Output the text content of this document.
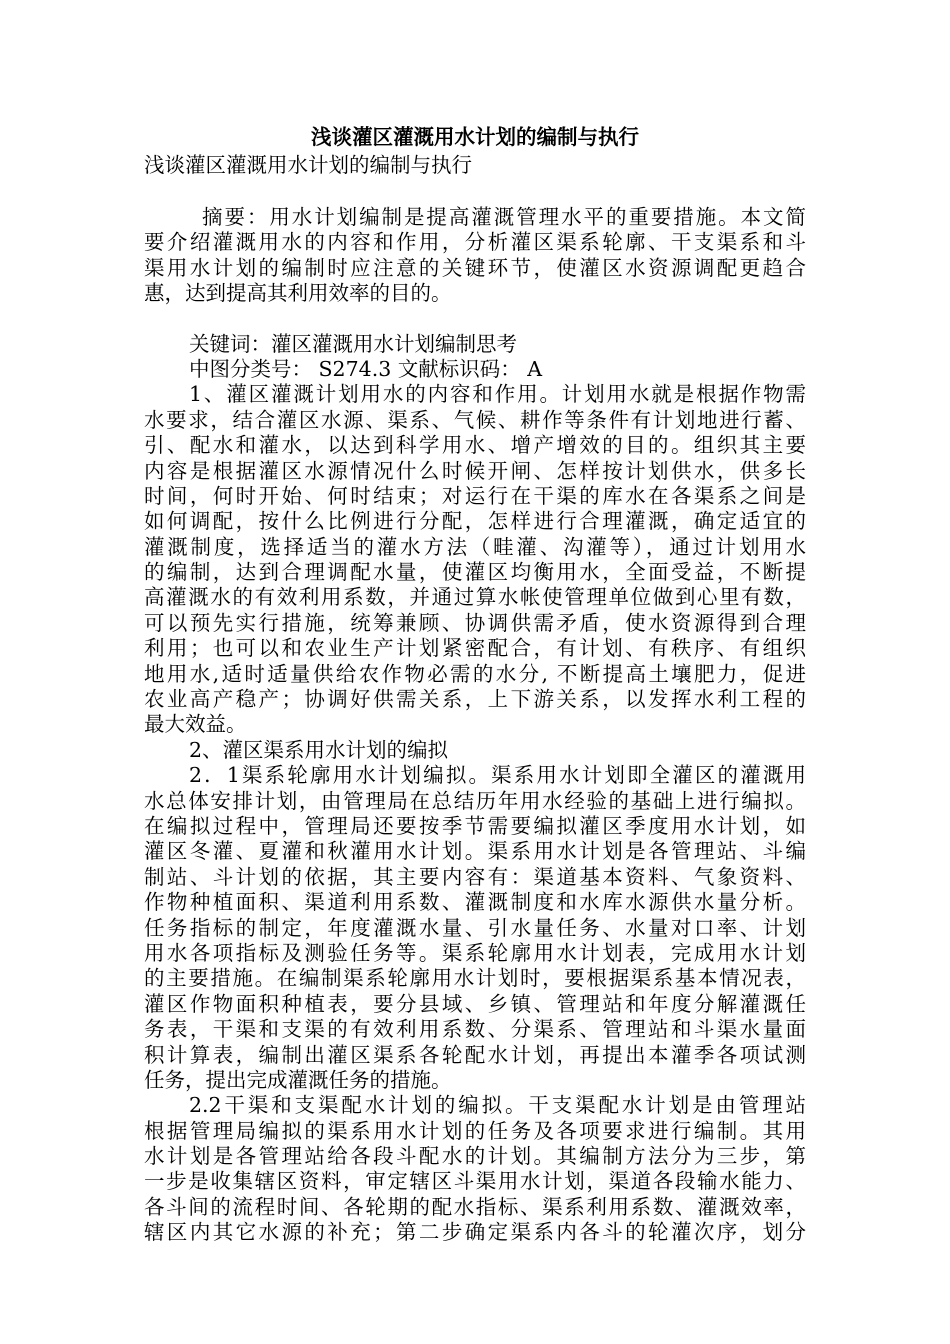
浅谈灌区灌溉用水计划的编制与执行
浅谈灌区灌溉用水计划的编制与执行
摘要：用水计划编制是提高灌溉管理水平的重要措施。本文简
要介绍灌溉用水的内容和作用，分析灌区渠系轮廓、干支渠系和斗
渠用水计划的编制时应注意的关键环节，使灌区水资源调配更趋合
惠，达到提高其利用效率的目的。
关键词：灌区灌溉用水计划编制思考
中图分类号： S274.3 文献标识码： A
1、灌区灌溉计划用水的内容和作用。计划用水就是根据作物需
水要求，结合灌区水源、渠系、气候、耕作等条件有计划地进行蓄、
引、配水和灌水，以达到科学用水、增产增效的目的。组织其主要
内容是根据灌区水源情况什么时候开闸、怎样按计划供水，供多长
时间，何时开始、何时结束；对运行在干渠的库水在各渠系之间是
如何调配，按什么比例进行分配，怎样进行合理灌溉，确定适宜的
灌溉制度，选择适当的灌水方法（畦灌、沟灌等），通过计划用水
的编制，达到合理调配水量，使灌区均衡用水，全面受益，不断提
高灌溉水的有效利用系数，并通过算水帐使管理单位做到心里有数，
可以预先实行措施，统筹兼顾、协调供需矛盾，使水资源得到合理
利用；也可以和农业生产计划紧密配合，有计划、有秩序、有组织
地用水,适时适量供给农作物必需的水分, 不断提高土壤肥力，促进
农业高产稳产；协调好供需关系，上下游关系，以发挥水利工程的
最大效益。
2、灌区渠系用水计划的编拟
2．1渠系轮廓用水计划编拟。渠系用水计划即全灌区的灌溉用
水总体安排计划，由管理局在总结历年用水经验的基础上进行编拟。
在编拟过程中，管理局还要按季节需要编拟灌区季度用水计划，如
灌区冬灌、夏灌和秋灌用水计划。渠系用水计划是各管理站、斗编
制站、斗计划的依据，其主要内容有：渠道基本资料、气象资料、
作物种植面积、渠道利用系数、灌溉制度和水库水源供水量分析。
任务指标的制定，年度灌溉水量、引水量任务、水量对口率、计划
用水各项指标及测验任务等。渠系轮廓用水计划表，完成用水计划
的主要措施。在编制渠系轮廓用水计划时，要根据渠系基本情况表，
灌区作物面积种植表，要分县域、乡镇、管理站和年度分解灌溉任
务表，干渠和支渠的有效利用系数、分渠系、管理站和斗渠水量面
积计算表，编制出灌区渠系各轮配水计划，再提出本灌季各项试测
任务，提出完成灌溉任务的措施。
2.2干渠和支渠配水计划的编拟。干支渠配水计划是由管理站
根据管理局编拟的渠系用水计划的任务及各项要求进行编制。其用
水计划是各管理站给各段斗配水的计划。其编制方法分为三步，第
一步是收集辖区资料，审定辖区斗渠用水计划，渠道各段输水能力、
各斗间的流程时间、各轮期的配水指标、渠系利用系数、灌溉效率，
辖区内其它水源的补充；第二步确定渠系内各斗的轮灌次序，划分
